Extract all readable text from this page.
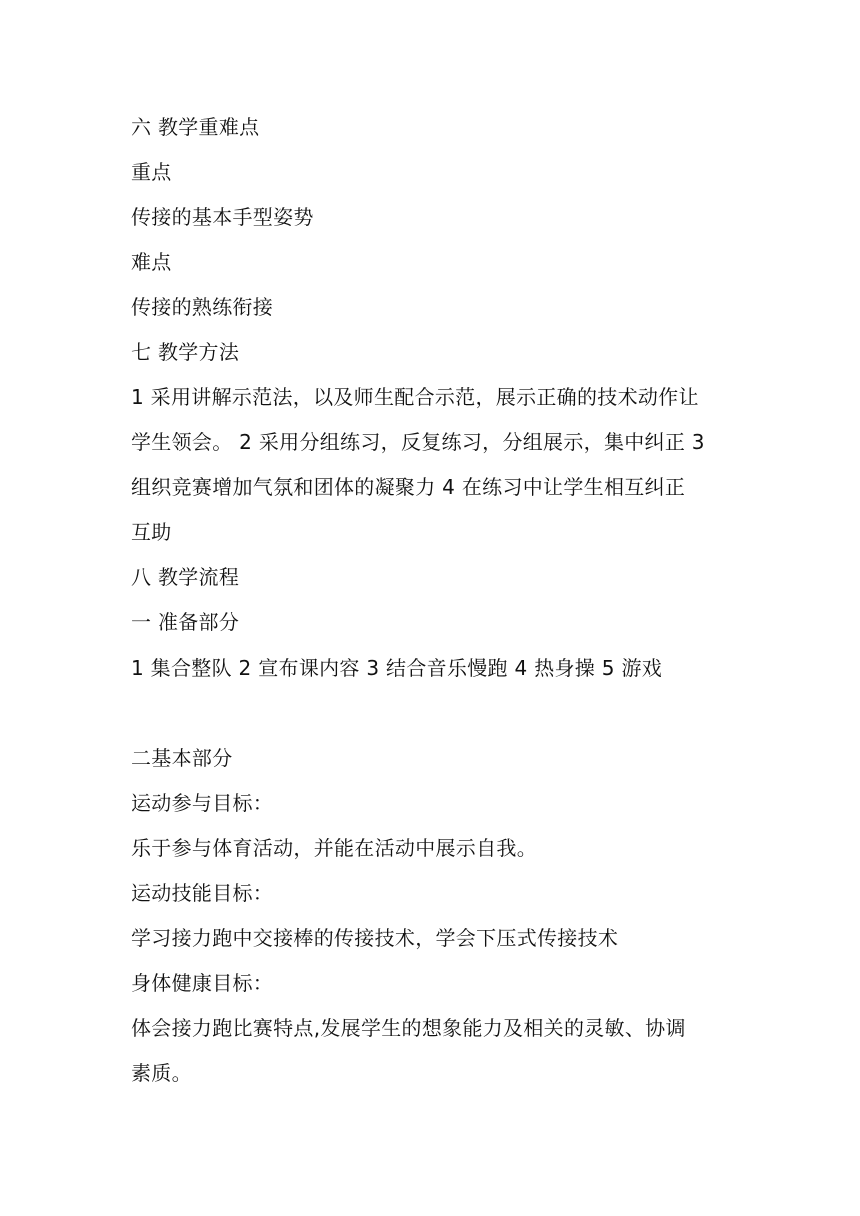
六 教学重难点
重点
传接的基本手型姿势
难点
传接的熟练衔接
七 教学方法
1 采用讲解示范法，以及师生配合示范，展示正确的技术动作让
学生领会。 2 采用分组练习，反复练习，分组展示，集中纠正 3
组织竞赛增加气氛和团体的凝聚力 4 在练习中让学生相互纠正
互助
八 教学流程
一 准备部分
1 集合整队 2 宣布课内容 3 结合音乐慢跑 4 热身操 5 游戏
二基本部分
运动参与目标：
乐于参与体育活动，并能在活动中展示自我。
运动技能目标：
学习接力跑中交接棒的传接技术，学会下压式传接技术
身体健康目标：
体会接力跑比赛特点,发展学生的想象能力及相关的灵敏、协调
素质。
